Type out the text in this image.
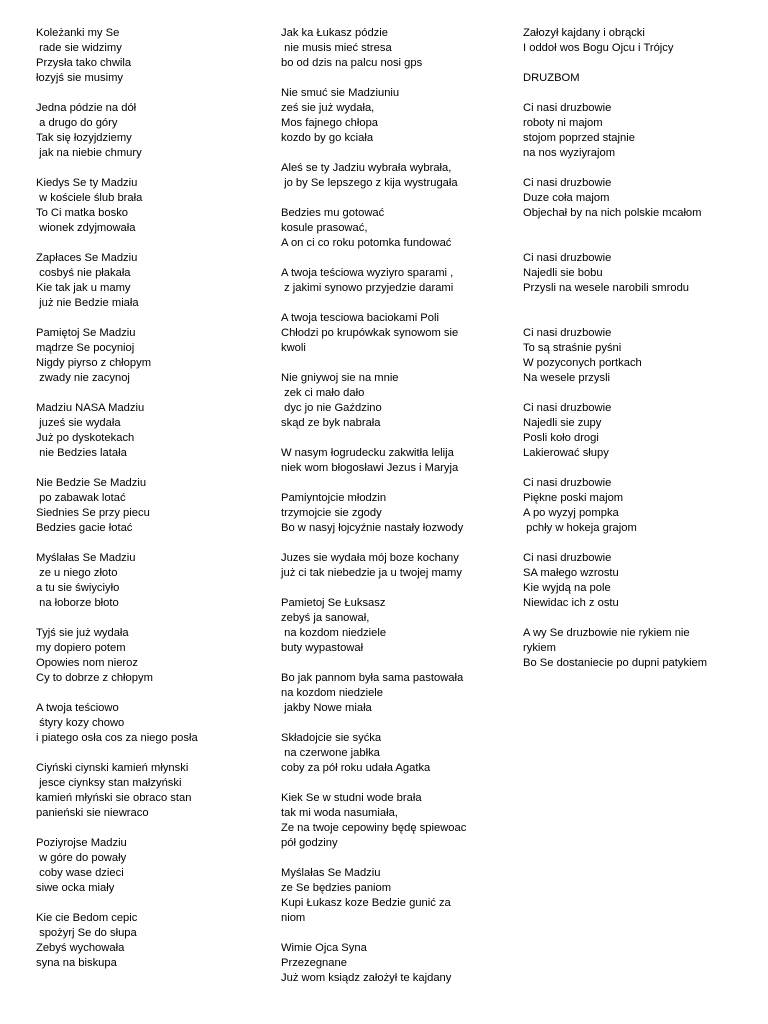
Koleżanki my Se
rade sie widzimy
Przysła tako chwila
łozyjś sie musimy
Jedna pódzie na dół
a drugo do góry
Tak się łozyjdziemy
jak na niebie chmury
Kiedys Se ty Madziu
w kościele ślub brała
To Ci matka bosko
wionek zdyjmowała
Zapłaces Se Madziu
cosbyś nie płakała
Kie tak jak u mamy
już nie Bedzie miała
Pamiętoj Se Madziu
mądrze Se pocynioj
Nigdy piyrso z chłopym
zwady nie zacynoj
Madziu NASA Madziu
juześ sie wydała
Już po dyskotekach
nie Bedzies latała
Nie Bedzie Se Madziu
po zabawak lotać
Siednies Se przy piecu
Bedzies gacie łotać
Myślałas Se Madziu
ze u niego złoto
a tu sie świyciyło
na łoborze błoto
Tyjś sie już wydała
my dopiero potem
Opowies nom nieroz
Cy to dobrze z chłopym
A twoja teściowo
śtyry kozy chowo
i piatego osła cos za niego posła
Ciyński ciynski kamień młynski
jesce ciynksy stan małzyński
kamień młyński sie obraco stan
panieński sie niewraco
Poziyrojse Madziu
w góre do powały
coby wase dzieci
siwe ocka miały
Kie cie Bedom cepic
spożyrj Se do słupa
Zebyś wychowała
syna na biskupa
Jak ka Łukasz pódzie
nie musis mieć stresa
bo od dzis na palcu nosi gps
Nie smuć sie Madziuniu
ześ sie już wydała,
Mos fajnego chłopa
kozdo by go kciała
Aleś se ty Jadziu wybrała wybrała,
jo by Se lepszego z kija wystrugała
Bedzies mu gotować
kosule prasować,
A on ci co roku potomka fundować
A twoja teściowa wyziyro sparami ,
z jakimi synowo przyjedzie darami
A twoja tesciowa baciokami Poli
Chłodzi po krupówkak synowom sie
kwoli
Nie gniywoj sie na mnie
zek ci mało dało
dyc jo nie Gaździno
skąd ze byk nabrała
W nasym łogrudecku zakwitła lelija
niek wom błogosławi Jezus i Maryja
Pamiyntojcie młodzin
trzymojcie sie zgody
Bo w nasyj łojcyźnie nastały łozwody
Juzes sie wydała mój boze kochany
już ci tak niebedzie ja u twojej mamy
Pamietoj Se Łuksasz
zebyś ja sanował,
na kozdom niedziele
buty wypastował
Bo jak pannom była sama pastowała
na kozdom niedziele
jakby Nowe miała
Składojcie sie syćka
na czerwone jabłka
coby za pół roku udała Agatka
Kiek Se w studni wode brała
tak mi woda nasumiała,
Ze na twoje cepowiny będę spiewoac
pół godziny
Myślałas Se Madziu
ze Se będzies paniom
Kupi Łukasz koze Bedzie gunić za
niom
Wimie Ojca Syna
Przezegnane
Już wom ksiądz założył te kajdany
Załozył kajdany i obrącki
I oddoł wos Bogu Ojcu i Trójcy
DRUZBOM
Ci nasi druzbowie
roboty ni majom
stojom poprzed stajnie
na nos wyziyrajom
Ci nasi druzbowie
Duze coła majom
Objechał by na nich polskie mcałom
Ci nasi druzbowie
Najedli sie bobu
Przysli na wesele narobili smrodu
Ci nasi druzbowie
To są straśnie pyśni
W pozyconych portkach
Na wesele przysli
Ci nasi druzbowie
Najedli sie zupy
Posli koło drogi
Lakierować słupy
Ci nasi druzbowie
Piękne poski majom
A po wyzyj pompka
pchły w hokeja grajom
Ci nasi druzbowie
SA małego wzrostu
Kie wyjdą na pole
Niewidac ich z ostu
A wy Se druzbowie nie rykiem nie
rykiem
Bo Se dostaniecie po dupni patykiem
